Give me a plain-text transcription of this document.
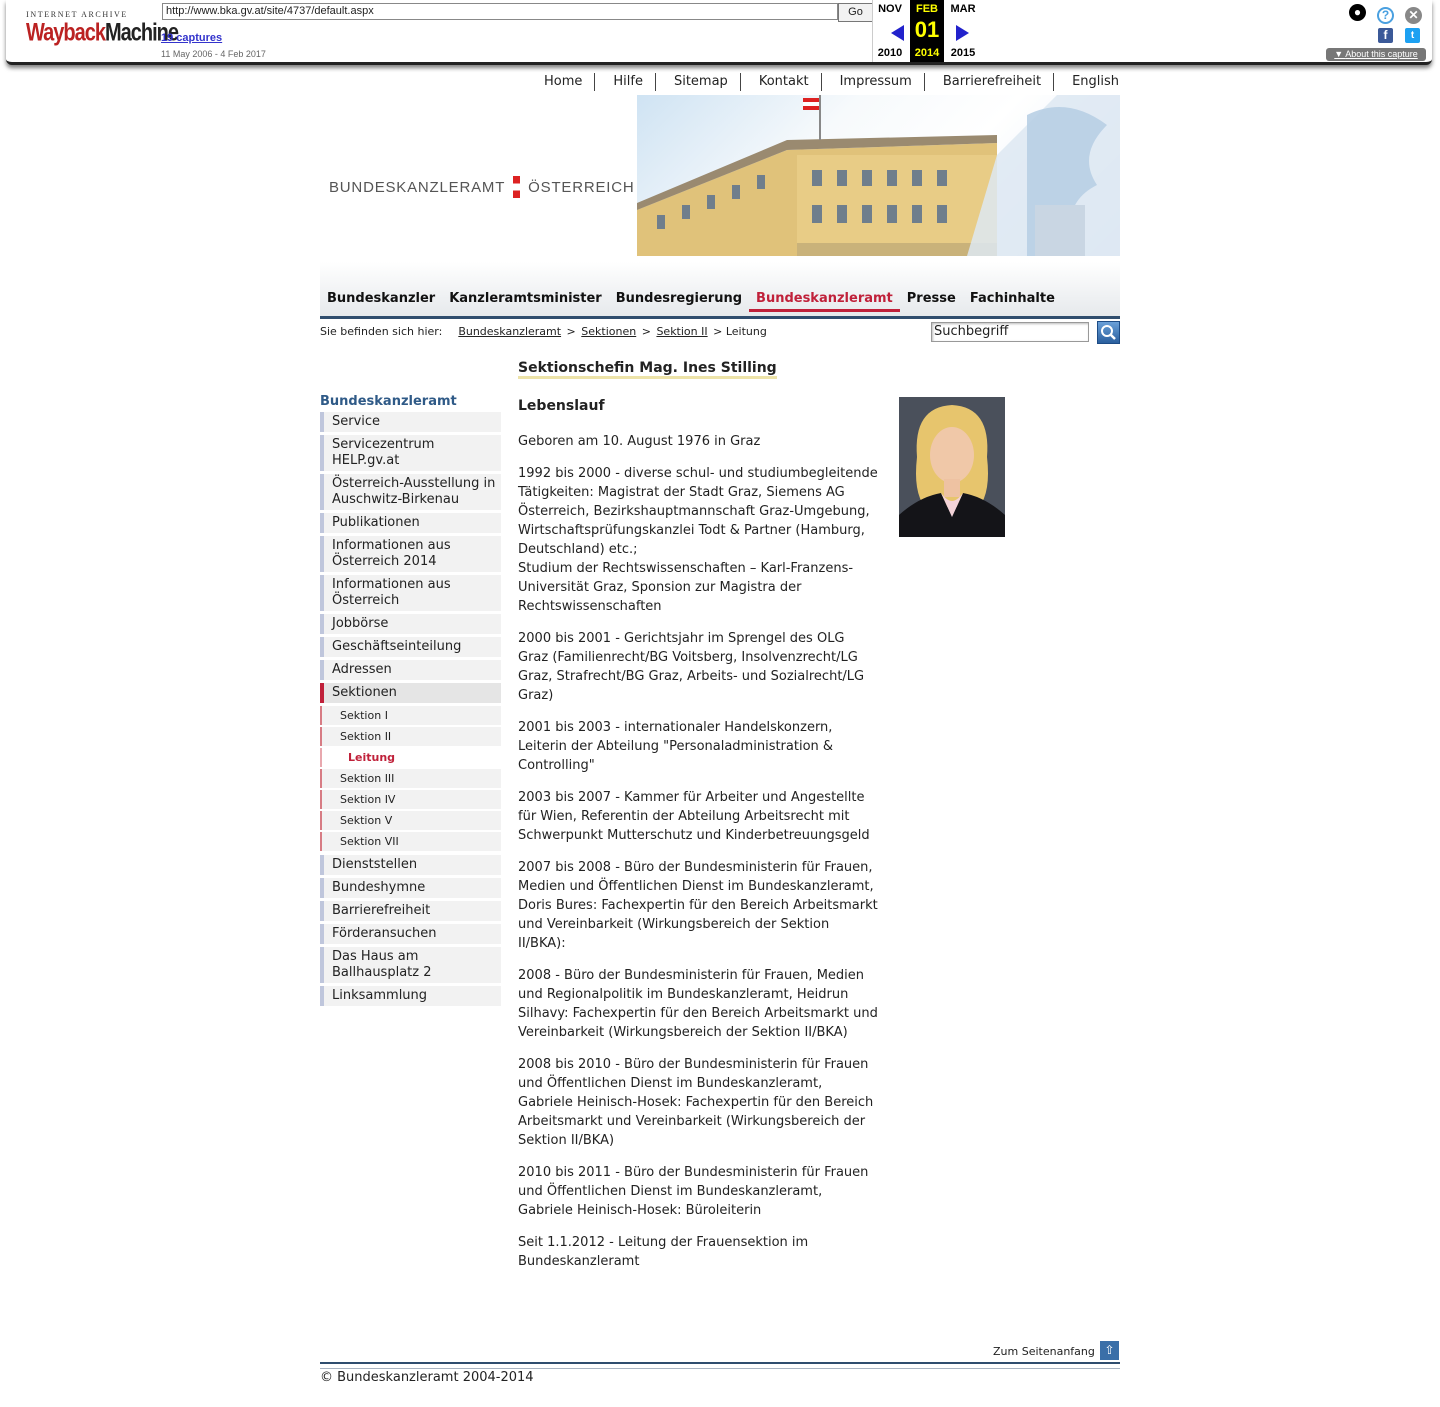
INTERNET ARCHIVE
WaybackMachine
http://www.bka.gv.at/site/4737/default.aspx	Go
19 captures
11 May 2006 - 4 Feb 2017
NOV
2010
FEB
01
2014
MAR
2015
●	?	✕
f	t
▼ About this capture
Home	Hilfe	Sitemap	Kontakt	Impressum	Barrierefreiheit	English
BUNDESKANZLERAMT ÖSTERREICH
Bundeskanzler	Kanzleramtsminister	Bundesregierung	Bundeskanzleramt	Presse	Fachinhalte
Sie befinden sich hier: Bundeskanzleramt > Sektionen > Sektion II > Leitung	Suchbegriff
Bundeskanzleramt
Service
Servicezentrum HELP.gv.at
Österreich-Ausstellung in Auschwitz-Birkenau
Publikationen
Informationen aus Österreich 2014
Informationen aus Österreich
Jobbörse
Geschäftseinteilung
Adressen
Sektionen
Sektion I
Sektion II
Leitung
Sektion III
Sektion IV
Sektion V
Sektion VII
Dienststellen
Bundeshymne
Barrierefreiheit
Förderansuchen
Das Haus am Ballhausplatz 2
Linksammlung
Sektionschefin Mag. Ines Stilling
Lebenslauf

Geboren am 10. August 1976 in Graz

1992 bis 2000 - diverse schul- und studiumbegleitende Tätigkeiten: Magistrat der Stadt Graz, Siemens AG Österreich, Bezirkshauptmannschaft Graz-Umgebung, Wirtschaftsprüfungskanzlei Todt & Partner (Hamburg, Deutschland) etc.;
Studium der Rechtswissenschaften – Karl-Franzens-Universität Graz, Sponsion zur Magistra der Rechtswissenschaften

2000 bis 2001 - Gerichtsjahr im Sprengel des OLG Graz (Familienrecht/BG Voitsberg, Insolvenzrecht/LG Graz, Strafrecht/BG Graz, Arbeits- und Sozialrecht/LG Graz)

2001 bis 2003 - internationaler Handelskonzern, Leiterin der Abteilung "Personaladministration & Controlling"

2003 bis 2007 - Kammer für Arbeiter und Angestellte für Wien, Referentin der Abteilung Arbeitsrecht mit Schwerpunkt Mutterschutz und Kinderbetreuungsgeld

2007 bis 2008 - Büro der Bundesministerin für Frauen, Medien und Öffentlichen Dienst im Bundeskanzleramt, Doris Bures: Fachexpertin für den Bereich Arbeitsmarkt und Vereinbarkeit (Wirkungsbereich der Sektion II/BKA):

2008 - Büro der Bundesministerin für Frauen, Medien und Regionalpolitik im Bundeskanzleramt, Heidrun Silhavy: Fachexpertin für den Bereich Arbeitsmarkt und Vereinbarkeit (Wirkungsbereich der Sektion II/BKA)

2008 bis 2010 - Büro der Bundesministerin für Frauen und Öffentlichen Dienst im Bundeskanzleramt, Gabriele Heinisch-Hosek: Fachexpertin für den Bereich Arbeitsmarkt und Vereinbarkeit (Wirkungsbereich der Sektion II/BKA)

2010 bis 2011 - Büro der Bundesministerin für Frauen und Öffentlichen Dienst im Bundeskanzleramt, Gabriele Heinisch-Hosek: Büroleiterin

Seit 1.1.2012 - Leitung der Frauensektion im Bundeskanzleramt

Zum Seitenanfang ⇧
© Bundeskanzleramt 2004-2014
